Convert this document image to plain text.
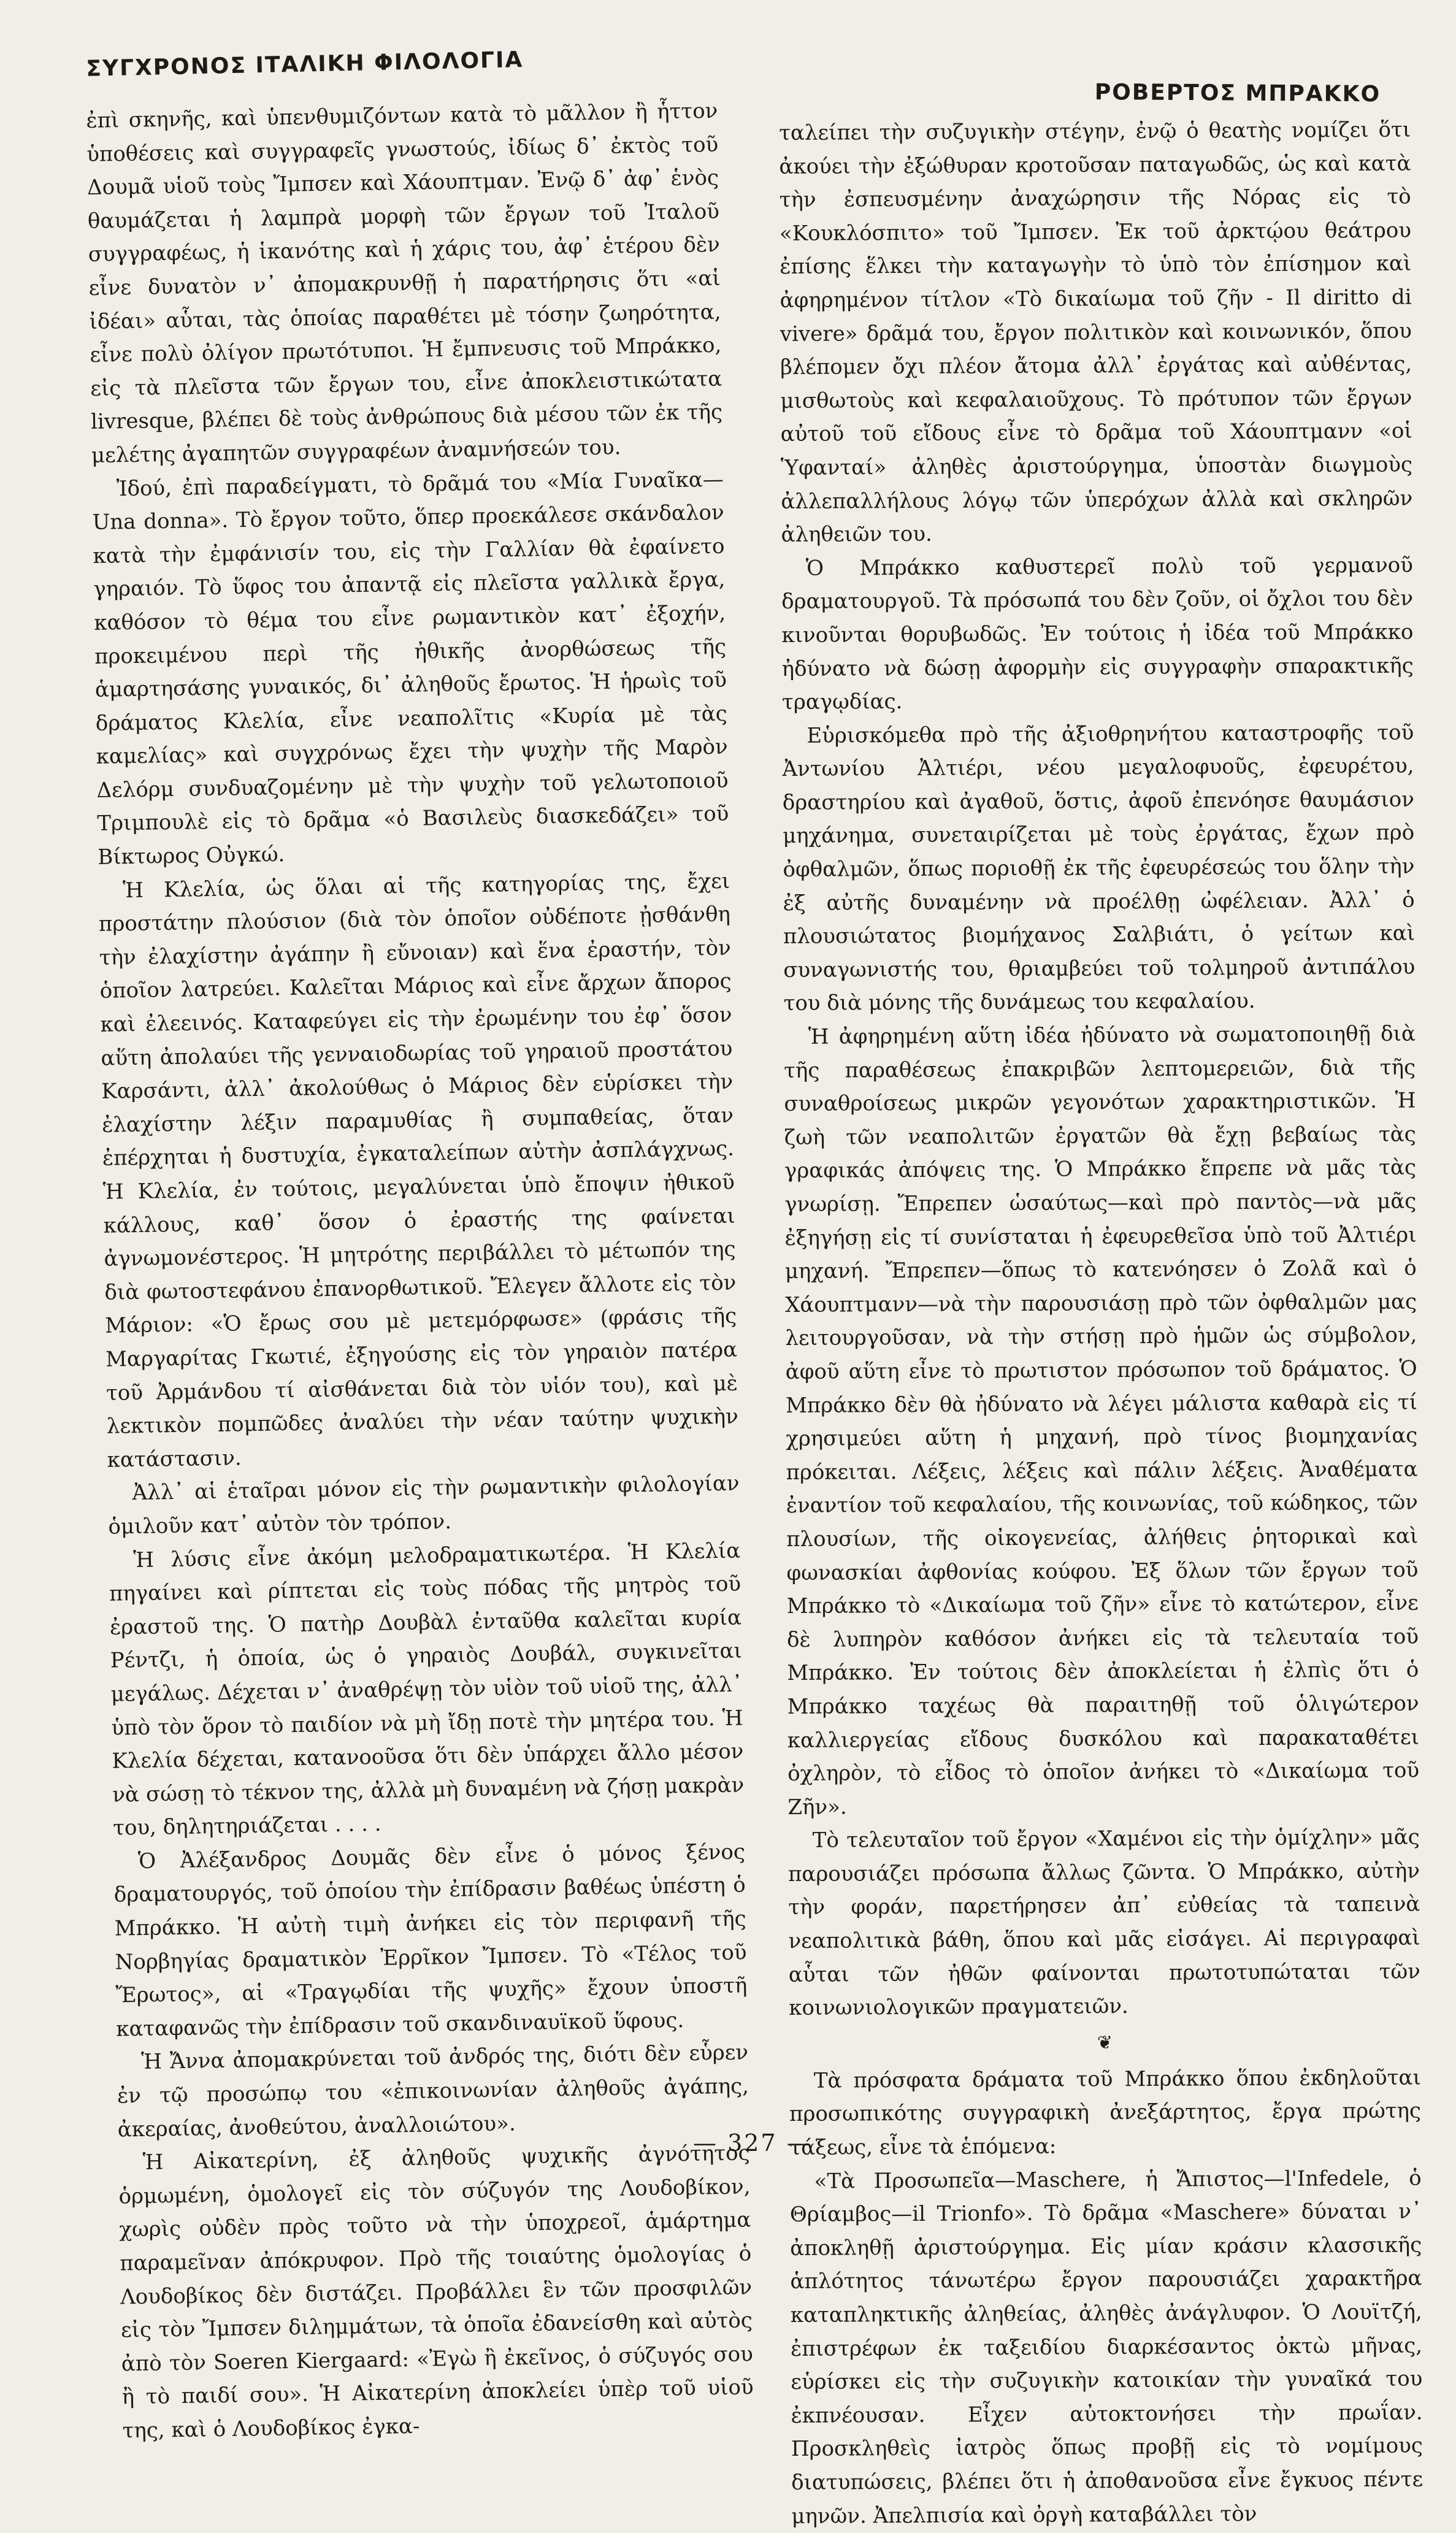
ΣΥΓΧΡΟΝΟΣ ΙΤΑΛΙΚΗ ΦΙΛΟΛΟΓΙΑ
ΡΟΒΕΡΤΟΣ ΜΠΡΑΚΚΟ

ἐπὶ σκηνῆς, καὶ ὑπενθυμιζόντων κατὰ τὸ μᾶλλον ἢ ἧττον ὑποθέσεις καὶ συγγραφεῖς γνωστούς, ἰδίως δ᾿ ἐκτὸς τοῦ Δουμᾶ υἱοῦ τοὺς Ἴμπσεν καὶ Χάουπτμαν. Ἐνῷ δ᾿ ἀφ᾿ ἑνὸς θαυμάζεται ἡ λαμπρὰ μορφὴ τῶν ἔργων τοῦ Ἰταλοῦ συγγραφέως, ἡ ἱκανότης καὶ ἡ χάρις του, ἀφ᾿ ἑτέρου δὲν εἶνε δυνατὸν ν᾿ ἀπομακρυνθῇ ἡ παρατήρησις ὅτι «αἱ ἰδέαι» αὗται, τὰς ὁποίας παραθέτει μὲ τόσην ζωηρότητα, εἶνε πολὺ ὀλίγον πρωτότυποι. Ἡ ἔμπνευσις τοῦ Μπράκκο, εἰς τὰ πλεῖστα τῶν ἔργων του, εἶνε ἀποκλειστικώτατα livresque, βλέπει δὲ τοὺς ἀνθρώπους διὰ μέσου τῶν ἐκ τῆς μελέτης ἀγαπητῶν συγγραφέων ἀναμνήσεών του.

Ἰδού, ἐπὶ παραδείγματι, τὸ δρᾶμά του «Μία Γυναῖκα—Una donna». Τὸ ἔργον τοῦτο, ὅπερ προεκάλεσε σκάνδαλον κατὰ τὴν ἐμφάνισίν του, εἰς τὴν Γαλλίαν θὰ ἐφαίνετο γηραιόν. Τὸ ὕφος του ἀπαντᾷ εἰς πλεῖστα γαλλικὰ ἔργα, καθόσον τὸ θέμα του εἶνε ρωμαντικὸν κατ᾿ ἐξοχήν, προκειμένου περὶ τῆς ἠθικῆς ἀνορθώσεως τῆς ἁμαρτησάσης γυναικός, δι᾿ ἀληθοῦς ἔρωτος. Ἡ ἡρωὶς τοῦ δράματος Κλελία, εἶνε νεαπολῖτις «Κυρία μὲ τὰς καμελίας» καὶ συγχρόνως ἔχει τὴν ψυχὴν τῆς Μαρὸν Δελόρμ συνδυαζομένην μὲ τὴν ψυχὴν τοῦ γελωτοποιοῦ Τριμπουλὲ εἰς τὸ δρᾶμα «ὁ Βασιλεὺς διασκεδάζει» τοῦ Βίκτωρος Οὐγκώ.

Ἡ Κλελία, ὡς ὅλαι αἱ τῆς κατηγορίας της, ἔχει προστάτην πλούσιον (διὰ τὸν ὁποῖον οὐδέποτε ᾐσθάνθη τὴν ἐλαχίστην ἀγάπην ἢ εὔνοιαν) καὶ ἕνα ἐραστήν, τὸν ὁποῖον λατρεύει. Καλεῖται Μάριος καὶ εἶνε ἄρχων ἄπορος καὶ ἐλεεινός. Καταφεύγει εἰς τὴν ἐρωμένην του ἐφ᾿ ὅσον αὕτη ἀπολαύει τῆς γενναιοδωρίας τοῦ γηραιοῦ προστάτου Καρσάντι, ἀλλ᾿ ἀκολούθως ὁ Μάριος δὲν εὑρίσκει τὴν ἐλαχίστην λέξιν παραμυθίας ἢ συμπαθείας, ὅταν ἐπέρχηται ἡ δυστυχία, ἐγκαταλείπων αὐτὴν ἀσπλάγχνως. Ἡ Κλελία, ἐν τούτοις, μεγαλύνεται ὑπὸ ἔποψιν ἠθικοῦ κάλλους, καθ᾿ ὅσον ὁ ἐραστής της φαίνεται ἀγνωμονέστερος. Ἡ μητρότης περιβάλλει τὸ μέτωπόν της διὰ φωτοστεφάνου ἐπανορθωτικοῦ. Ἔλεγεν ἄλλοτε εἰς τὸν Μάριον: «Ὁ ἔρως σου μὲ μετεμόρφωσε» (φράσις τῆς Μαργαρίτας Γκωτιέ, ἐξηγούσης εἰς τὸν γηραιὸν πατέρα τοῦ Ἀρμάνδου τί αἰσθάνεται διὰ τὸν υἱόν του), καὶ μὲ λεκτικὸν πομπῶδες ἀναλύει τὴν νέαν ταύτην ψυχικὴν κατάστασιν.

Ἀλλ᾿ αἱ ἑταῖραι μόνον εἰς τὴν ρωμαντικὴν φιλολογίαν ὁμιλοῦν κατ᾿ αὐτὸν τὸν τρόπον.

Ἡ λύσις εἶνε ἀκόμη μελοδραματικωτέρα. Ἡ Κλελία πηγαίνει καὶ ρίπτεται εἰς τοὺς πόδας τῆς μητρὸς τοῦ ἐραστοῦ της. Ὁ πατὴρ Δουβὰλ ἐνταῦθα καλεῖται κυρία Ρέντζι, ἡ ὁποία, ὡς ὁ γηραιὸς Δουβάλ, συγκινεῖται μεγάλως. Δέχεται ν᾿ ἀναθρέψῃ τὸν υἱὸν τοῦ υἱοῦ της, ἀλλ᾿ ὑπὸ τὸν ὅρον τὸ παιδίον νὰ μὴ ἴδῃ ποτὲ τὴν μητέρα του. Ἡ Κλελία δέχεται, κατανοοῦσα ὅτι δὲν ὑπάρχει ἄλλο μέσον νὰ σώσῃ τὸ τέκνον της, ἀλλὰ μὴ δυναμένη νὰ ζήσῃ μακρὰν του, δηλητηριάζεται . . . .

Ὁ Ἀλέξανδρος Δουμᾶς δὲν εἶνε ὁ μόνος ξένος δραματουργός, τοῦ ὁποίου τὴν ἐπίδρασιν βαθέως ὑπέστη ὁ Μπράκκο. Ἡ αὐτὴ τιμὴ ἀνήκει εἰς τὸν περιφανῆ τῆς Νορβηγίας δραματικὸν Ἐρρῖκον Ἴμπσεν. Τὸ «Τέλος τοῦ Ἔρωτος», αἱ «Τραγῳδίαι τῆς ψυχῆς» ἔχουν ὑποστῆ καταφανῶς τὴν ἐπίδρασιν τοῦ σκανδιναυϊκοῦ ὕφους.

Ἡ Ἄννα ἀπομακρύνεται τοῦ ἀνδρός της, διότι δὲν εὗρεν ἐν τῷ προσώπῳ του «ἐπικοινωνίαν ἀληθοῦς ἀγάπης, ἀκεραίας, ἀνοθεύτου, ἀναλλοιώτου».

Ἡ Αἰκατερίνη, ἐξ ἀληθοῦς ψυχικῆς ἀγνότητος ὁρμωμένη, ὁμολογεῖ εἰς τὸν σύζυγόν της Λουδοβίκον, χωρὶς οὐδὲν πρὸς τοῦτο νὰ τὴν ὑποχρεοῖ, ἁμάρτημα παραμεῖναν ἀπόκρυφον. Πρὸ τῆς τοιαύτης ὁμολογίας ὁ Λουδοβίκος δὲν διστάζει. Προβάλλει ἓν τῶν προσφιλῶν εἰς τὸν Ἴμπσεν διλημμάτων, τὰ ὁποῖα ἐδανείσθη καὶ αὐτὸς ἀπὸ τὸν Soeren Kiergaard: «Ἐγὼ ἢ ἐκεῖνος, ὁ σύζυγός σου ἢ τὸ παιδί σου». Ἡ Αἰκατερίνη ἀποκλείει ὑπὲρ τοῦ υἱοῦ της, καὶ ὁ Λουδοβίκος ἐγκα-

ταλείπει τὴν συζυγικὴν στέγην, ἐνῷ ὁ θεατὴς νομίζει ὅτι ἀκούει τὴν ἐξώθυραν κροτοῦσαν παταγωδῶς, ὡς καὶ κατὰ τὴν ἐσπευσμένην ἀναχώρησιν τῆς Νόρας εἰς τὸ «Κουκλόσπιτο» τοῦ Ἴμπσεν. Ἐκ τοῦ ἀρκτῴου θεάτρου ἐπίσης ἕλκει τὴν καταγωγὴν τὸ ὑπὸ τὸν ἐπίσημον καὶ ἀφηρημένον τίτλον «Τὸ δικαίωμα τοῦ ζῆν - Il diritto di vivere» δρᾶμά του, ἔργον πολιτικὸν καὶ κοινωνικόν, ὅπου βλέπομεν ὄχι πλέον ἄτομα ἀλλ᾿ ἐργάτας καὶ αὐθέντας, μισθωτοὺς καὶ κεφαλαιοῦχους. Τὸ πρότυπον τῶν ἔργων αὐτοῦ τοῦ εἴδους εἶνε τὸ δρᾶμα τοῦ Χάουπτμανν «οἱ Ὑφανταί» ἀληθὲς ἀριστούργημα, ὑποστὰν διωγμοὺς ἀλλεπαλλήλους λόγῳ τῶν ὑπερόχων ἀλλὰ καὶ σκληρῶν ἀληθειῶν του.

Ὁ Μπράκκο καθυστερεῖ πολὺ τοῦ γερμανοῦ δραματουργοῦ. Τὰ πρόσωπά του δὲν ζοῦν, οἱ ὄχλοι του δὲν κινοῦνται θορυβωδῶς. Ἐν τούτοις ἡ ἰδέα τοῦ Μπράκκο ἠδύνατο νὰ δώσῃ ἀφορμὴν εἰς συγγραφὴν σπαρακτικῆς τραγῳδίας.

Εὑρισκόμεθα πρὸ τῆς ἀξιοθρηνήτου καταστροφῆς τοῦ Ἀντωνίου Ἀλτιέρι, νέου μεγαλοφυοῦς, ἐφευρέτου, δραστηρίου καὶ ἀγαθοῦ, ὅστις, ἀφοῦ ἐπενόησε θαυμάσιον μηχάνημα, συνεταιρίζεται μὲ τοὺς ἐργάτας, ἔχων πρὸ ὀφθαλμῶν, ὅπως ποριοθῇ ἐκ τῆς ἐφευρέσεώς του ὅλην τὴν ἐξ αὐτῆς δυναμένην νὰ προέλθῃ ὠφέλειαν. Ἀλλ᾿ ὁ πλουσιώτατος βιομήχανος Σαλβιάτι, ὁ γείτων καὶ συναγωνιστής του, θριαμβεύει τοῦ τολμηροῦ ἀντιπάλου του διὰ μόνης τῆς δυνάμεως του κεφαλαίου.

Ἡ ἀφηρημένη αὕτη ἰδέα ἠδύνατο νὰ σωματοποιηθῇ διὰ τῆς παραθέσεως ἐπακριβῶν λεπτομερειῶν, διὰ τῆς συναθροίσεως μικρῶν γεγονότων χαρακτηριστικῶν. Ἡ ζωὴ τῶν νεαπολιτῶν ἐργατῶν θὰ ἔχῃ βεβαίως τὰς γραφικάς ἀπόψεις της. Ὁ Μπράκκο ἔπρεπε νὰ μᾶς τὰς γνωρίσῃ. Ἔπρεπεν ὡσαύτως—καὶ πρὸ παντὸς—νὰ μᾶς ἐξηγήσῃ εἰς τί συνίσταται ἡ ἐφευρεθεῖσα ὑπὸ τοῦ Ἀλτιέρι μηχανή. Ἔπρεπεν—ὅπως τὸ κατενόησεν ὁ Ζολᾶ καὶ ὁ Χάουπτμανν—νὰ τὴν παρουσιάσῃ πρὸ τῶν ὀφθαλμῶν μας λειτουργοῦσαν, νὰ τὴν στήσῃ πρὸ ἡμῶν ὡς σύμβολον, ἀφοῦ αὕτη εἶνε τὸ πρωτιστον πρόσωπον τοῦ δράματος. Ὁ Μπράκκο δὲν θὰ ἠδύνατο νὰ λέγει μάλιστα καθαρὰ εἰς τί χρησιμεύει αὕτη ἡ μηχανή, πρὸ τίνος βιομηχανίας πρόκειται. Λέξεις, λέξεις καὶ πάλιν λέξεις. Ἀναθέματα ἐναντίον τοῦ κεφαλαίου, τῆς κοινωνίας, τοῦ κώδηκος, τῶν πλουσίων, τῆς οἰκογενείας, ἀλήθεις ῥητορικαὶ καὶ φωνασκίαι ἀφθονίας κούφου. Ἐξ ὅλων τῶν ἔργων τοῦ Μπράκκο τὸ «Δικαίωμα τοῦ ζῆν» εἶνε τὸ κατώτερον, εἶνε δὲ λυπηρὸν καθόσον ἀνήκει εἰς τὰ τελευταία τοῦ Μπράκκο. Ἐν τούτοις δὲν ἀποκλείεται ἡ ἐλπὶς ὅτι ὁ Μπράκκο ταχέως θὰ παραιτηθῇ τοῦ ὁλιγώτερον καλλιεργείας εἴδους δυσκόλου καὶ παρακαταθέτει ὀχληρὸν, τὸ εἶδος τὸ ὁποῖον ἀνήκει τὸ «Δικαίωμα τοῦ Ζῆν».

Τὸ τελευταῖον τοῦ ἔργον «Χαμένοι εἰς τὴν ὁμίχλην» μᾶς παρουσιάζει πρόσωπα ἄλλως ζῶντα. Ὁ Μπράκκο, αὐτὴν τὴν φοράν, παρετήρησεν ἀπ᾿ εὐθείας τὰ ταπεινὰ νεαπολιτικὰ βάθη, ὅπου καὶ μᾶς εἰσάγει. Αἱ περιγραφαὶ αὗται τῶν ἠθῶν φαίνονται πρωτοτυπώταται τῶν κοινωνιολογικῶν πραγματειῶν.

❦

Τὰ πρόσφατα δράματα τοῦ Μπράκκο ὅπου ἐκδηλοῦται προσωπικότης συγγραφικὴ ἀνεξάρτητος, ἔργα πρώτης τάξεως, εἶνε τὰ ἑπόμενα:

«Τὰ Προσωπεῖα—Maschere, ἡ Ἄπιστος—l'Infedele, ὁ Θρίαμβος—il Trionfo». Τὸ δρᾶμα «Maschere» δύναται ν᾿ ἀποκληθῇ ἀριστούργημα. Εἰς μίαν κράσιν κλασσικῆς ἁπλότητος τάνωτέρω ἔργον παρουσιάζει χαρακτῆρα καταπληκτικῆς ἀληθείας, ἀληθὲς ἀνάγλυφον. Ὁ Λουϊτζή, ἐπιστρέφων ἐκ ταξειδίου διαρκέσαντος ὀκτὼ μῆνας, εὑρίσκει εἰς τὴν συζυγικὴν κατοικίαν τὴν γυναῖκά του ἐκπνέουσαν. Εἶχεν αὐτοκτονήσει τὴν πρωΐαν. Προσκληθεὶς ἰατρὸς ὅπως προβῇ εἰς τὸ νομίμους διατυπώσεις, βλέπει ὅτι ἡ ἀποθανοῦσα εἶνε ἔγκυος πέντε μηνῶν. Ἀπελπισία καὶ ὀργὴ καταβάλλει τὸν

— 327 —
